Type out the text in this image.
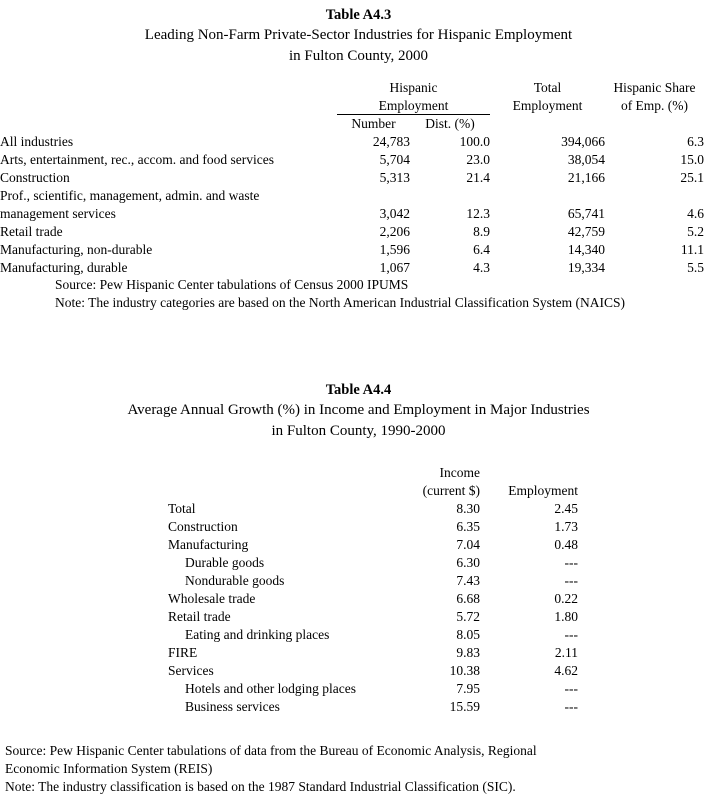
Table A4.3
Leading Non-Farm Private-Sector Industries for Hispanic Employment
in Fulton County, 2000
	Hispanic		Total	Hispanic Share
	Employment		Employment	of Emp. (%)
	Number	Dist. (%)		
All industries	24,783	100.0	394,066	6.3
Arts, entertainment, rec., accom. and food services	5,704	23.0	38,054	15.0
Construction	5,313	21.4	21,166	25.1
Prof., scientific, management, admin. and waste				
management services	3,042	12.3	65,741	4.6
Retail trade	2,206	8.9	42,759	5.2
Manufacturing, non-durable	1,596	6.4	14,340	11.1
Manufacturing, durable	1,067	4.3	19,334	5.5
Source: Pew Hispanic Center tabulations of Census 2000 IPUMS
Note: The industry categories are based on the North American Industrial Classification System (NAICS)
Table A4.4
Average Annual Growth (%) in Income and Employment in Major Industries
in Fulton County, 1990-2000
		Income		
		(current $)	Employment	
	Total	8.30	2.45	
	Construction	6.35	1.73	
	Manufacturing	7.04	0.48	
	Durable goods	6.30	---	
	Nondurable goods	7.43	---	
	Wholesale trade	6.68	0.22	
	Retail trade	5.72	1.80	
	Eating and drinking places	8.05	---	
	FIRE	9.83	2.11	
	Services	10.38	4.62	
	Hotels and other lodging places	7.95	---	
	Business services	15.59	---	
Source: Pew Hispanic Center tabulations of data from the Bureau of Economic Analysis, Regional
Economic Information System (REIS)
Note: The industry classification is based on the 1987 Standard Industrial Classification (SIC).
